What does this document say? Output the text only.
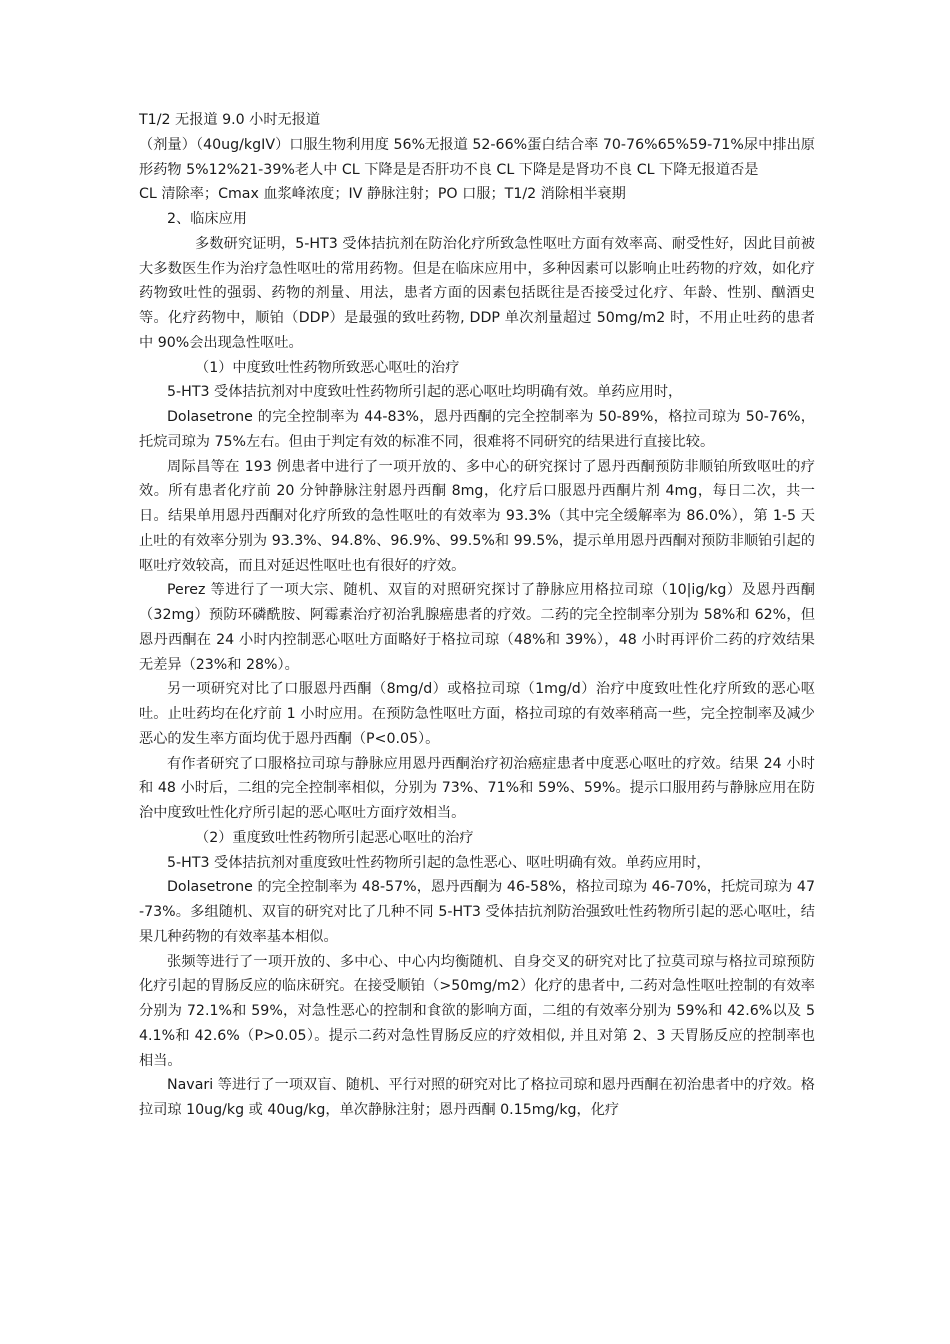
T1/2 无报道 9.0 小时无报道

（剂量）（40ug/kgIV）口服生物利用度 56%无报道 52-66%蛋白结合率 70-76%65%59-71%尿中排出原形药物 5%12%21-39%老人中 CL 下降是是否肝功不良 CL 下降是是肾功不良 CL 下降无报道否是

CL 清除率；Cmax 血浆峰浓度；IV 静脉注射；PO 口服；T1/2 消除相半衰期

2、临床应用

多数研究证明，5-HT3 受体拮抗剂在防治化疗所致急性呕吐方面有效率高、耐受性好，因此目前被大多数医生作为治疗急性呕吐的常用药物。但是在临床应用中，多种因素可以影响止吐药物的疗效，如化疗药物致吐性的强弱、药物的剂量、用法，患者方面的因素包括既往是否接受过化疗、年龄、性别、酗酒史等。化疗药物中，顺铂（DDP）是最强的致吐药物, DDP 单次剂量超过 50mg/m2 时，不用止吐药的患者中 90%会出现急性呕吐。

（1）中度致吐性药物所致恶心呕吐的治疗

5-HT3 受体拮抗剂对中度致吐性药物所引起的恶心呕吐均明确有效。单药应用时，

Dolasetrone 的完全控制率为 44-83%，恩丹西酮的完全控制率为 50-89%，格拉司琼为 50-76%，托烷司琼为 75%左右。但由于判定有效的标准不同，很难将不同研究的结果进行直接比较。

周际昌等在 193 例患者中进行了一项开放的、多中心的研究探讨了恩丹西酮预防非顺铂所致呕吐的疗效。所有患者化疗前 20 分钟静脉注射恩丹西酮 8mg，化疗后口服恩丹西酮片剂 4mg，每日二次，共一日。结果单用恩丹西酮对化疗所致的急性呕吐的有效率为 93.3%（其中完全缓解率为 86.0%），第 1-5 天止吐的有效率分别为 93.3%、94.8%、96.9%、99.5%和 99.5%，提示单用恩丹西酮对预防非顺铂引起的呕吐疗效较高，而且对延迟性呕吐也有很好的疗效。

Perez 等进行了一项大宗、随机、双盲的对照研究探讨了静脉应用格拉司琼（10|ig/kg）及恩丹西酮（32mg）预防环磷酰胺、阿霉素治疗初治乳腺癌患者的疗效。二药的完全控制率分别为 58%和 62%，但恩丹西酮在 24 小时内控制恶心呕吐方面略好于格拉司琼（48%和 39%），48 小时再评价二药的疗效结果无差异（23%和 28%）。

另一项研究对比了口服恩丹西酮（8mg/d）或格拉司琼（1mg/d）治疗中度致吐性化疗所致的恶心呕吐。止吐药均在化疗前 1 小时应用。在预防急性呕吐方面，格拉司琼的有效率稍高一些，完全控制率及减少恶心的发生率方面均优于恩丹西酮（P<0.05）。

有作者研究了口服格拉司琼与静脉应用恩丹西酮治疗初治癌症患者中度恶心呕吐的疗效。结果 24 小时和 48 小时后，二组的完全控制率相似，分别为 73%、71%和 59%、59%。提示口服用药与静脉应用在防治中度致吐性化疗所引起的恶心呕吐方面疗效相当。

（2）重度致吐性药物所引起恶心呕吐的治疗

5-HT3 受体拮抗剂对重度致吐性药物所引起的急性恶心、呕吐明确有效。单药应用时，

Dolasetrone 的完全控制率为 48-57%，恩丹西酮为 46-58%，格拉司琼为 46-70%，托烷司琼为 47-73%。多组随机、双盲的研究对比了几种不同 5-HT3 受体拮抗剂防治强致吐性药物所引起的恶心呕吐，结果几种药物的有效率基本相似。

张频等进行了一项开放的、多中心、中心内均衡随机、自身交叉的研究对比了拉莫司琼与格拉司琼预防化疗引起的胃肠反应的临床研究。在接受顺铂（>50mg/m2）化疗的患者中, 二药对急性呕吐控制的有效率分别为 72.1%和 59%，对急性恶心的控制和食欲的影响方面，二组的有效率分别为 59%和 42.6%以及 54.1%和 42.6%（P>0.05）。提示二药对急性胃肠反应的疗效相似, 并且对第 2、3 天胃肠反应的控制率也相当。

Navari 等进行了一项双盲、随机、平行对照的研究对比了格拉司琼和恩丹西酮在初治患者中的疗效。格拉司琼 10ug/kg 或 40ug/kg，单次静脉注射；恩丹西酮 0.15mg/kg，化疗
